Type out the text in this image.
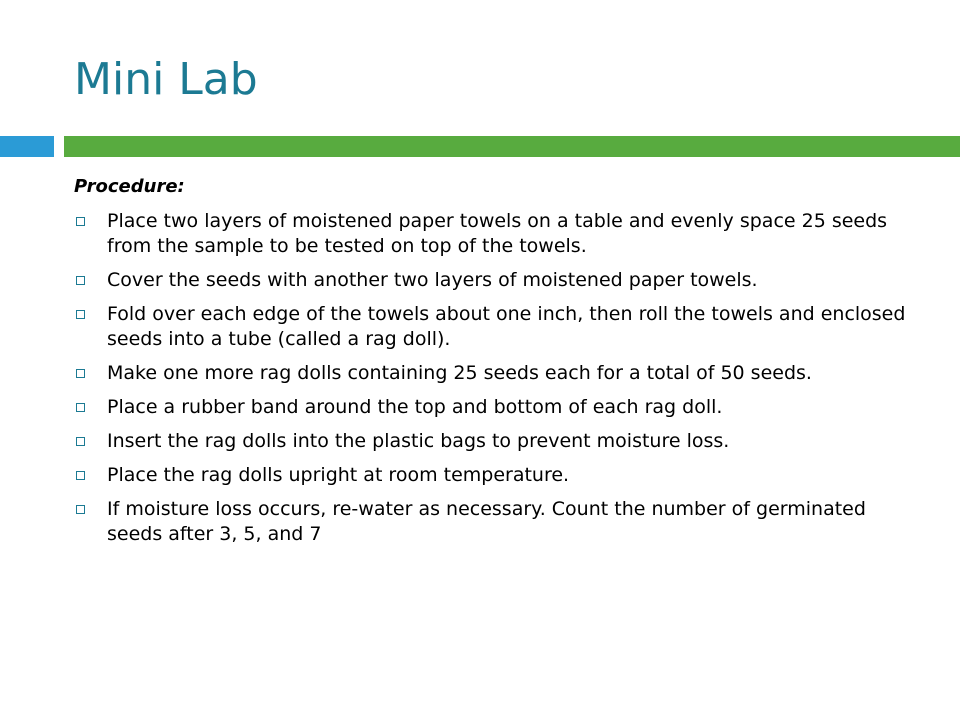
Mini Lab

Procedure:

Place two layers of moistened paper towels on a table and evenly space 25 seeds from the sample to be tested on top of the towels.
Cover the seeds with another two layers of moistened paper towels.
Fold over each edge of the towels about one inch, then roll the towels and enclosed seeds into a tube (called a rag doll).
Make one more rag dolls containing 25 seeds each for a total of 50 seeds.
Place a rubber band around the top and bottom of each rag doll.
Insert the rag dolls into the plastic bags to prevent moisture loss.
Place the rag dolls upright at room temperature.
If moisture loss occurs, re-water as necessary. Count the number of germinated seeds after 3, 5, and 7
